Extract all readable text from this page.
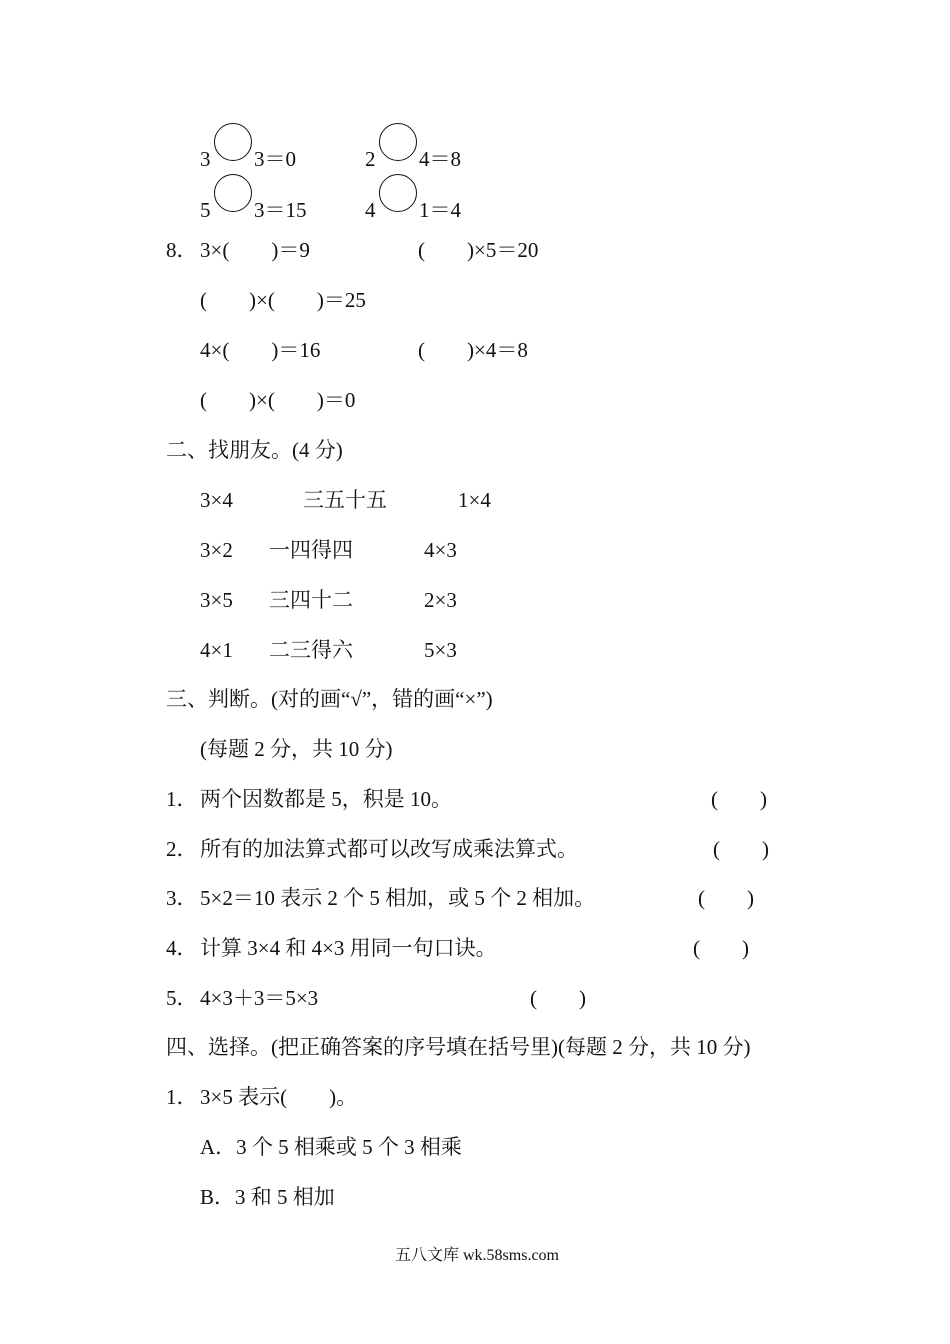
3 3＝0	2 4＝8
5 3＝15	4 1＝4
8． 3×(　　)＝9	(　　)×5＝20
(　　)×(　　)＝25
4×(　　)＝16	(　　)×4＝8
(　　)×(　　)＝0
二、找朋友。(4 分)
3×4	三五十五	1×4
3×2 一四得四	4×3
3×5 三四十二	2×3
4×1 二三得六	5×3
三、判断。(对的画“√”，错的画“×”)
(每题 2 分，共 10 分)
1． 两个因数都是 5，积是 10。	(　　)
2． 所有的加法算式都可以改写成乘法算式。	(　　)
3． 5×2＝10 表示 2 个 5 相加，或 5 个 2 相加。	(　　)
4． 计算 3×4 和 4×3 用同一句口诀。	(　　)
5． 4×3＋3＝5×3	(　　)
四、选择。(把正确答案的序号填在括号里)(每题 2 分，共 10 分)
1． 3×5 表示(　　)。
A．3 个 5 相乘或 5 个 3 相乘
B．3 和 5 相加
五八文库 wk.58sms.com
